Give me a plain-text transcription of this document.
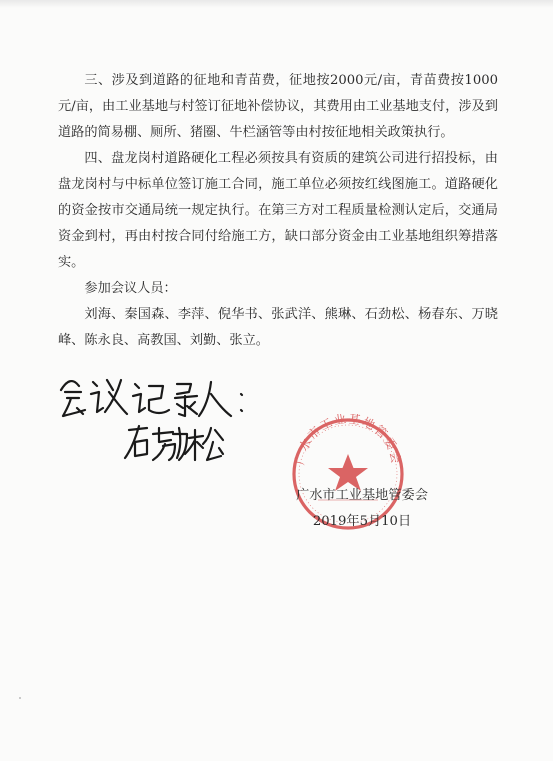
三、涉及到道路的征地和青苗费，征地按2000元/亩，青苗费按1000元/亩，由工业基地与村签订征地补偿协议，其费用由工业基地支付，涉及到道路的简易棚、厕所、猪圈、牛栏涵管等由村按征地相关政策执行。

四、盘龙岗村道路硬化工程必须按具有资质的建筑公司进行招投标，由盘龙岗村与中标单位签订施工合同，施工单位必须按红线图施工。道路硬化的资金按市交通局统一规定执行。在第三方对工程质量检测认定后，交通局资金到村，再由村按合同付给施工方，缺口部分资金由工业基地组织筹措落实。

参加会议人员：

刘海、秦国森、李萍、倪华书、张武洋、熊琳、石劲松、杨春东、万晓峰、陈永良、高教国、刘勤、张立。

广水市工业基地管委会
广水市工业基地管委会
2019年5月10日
